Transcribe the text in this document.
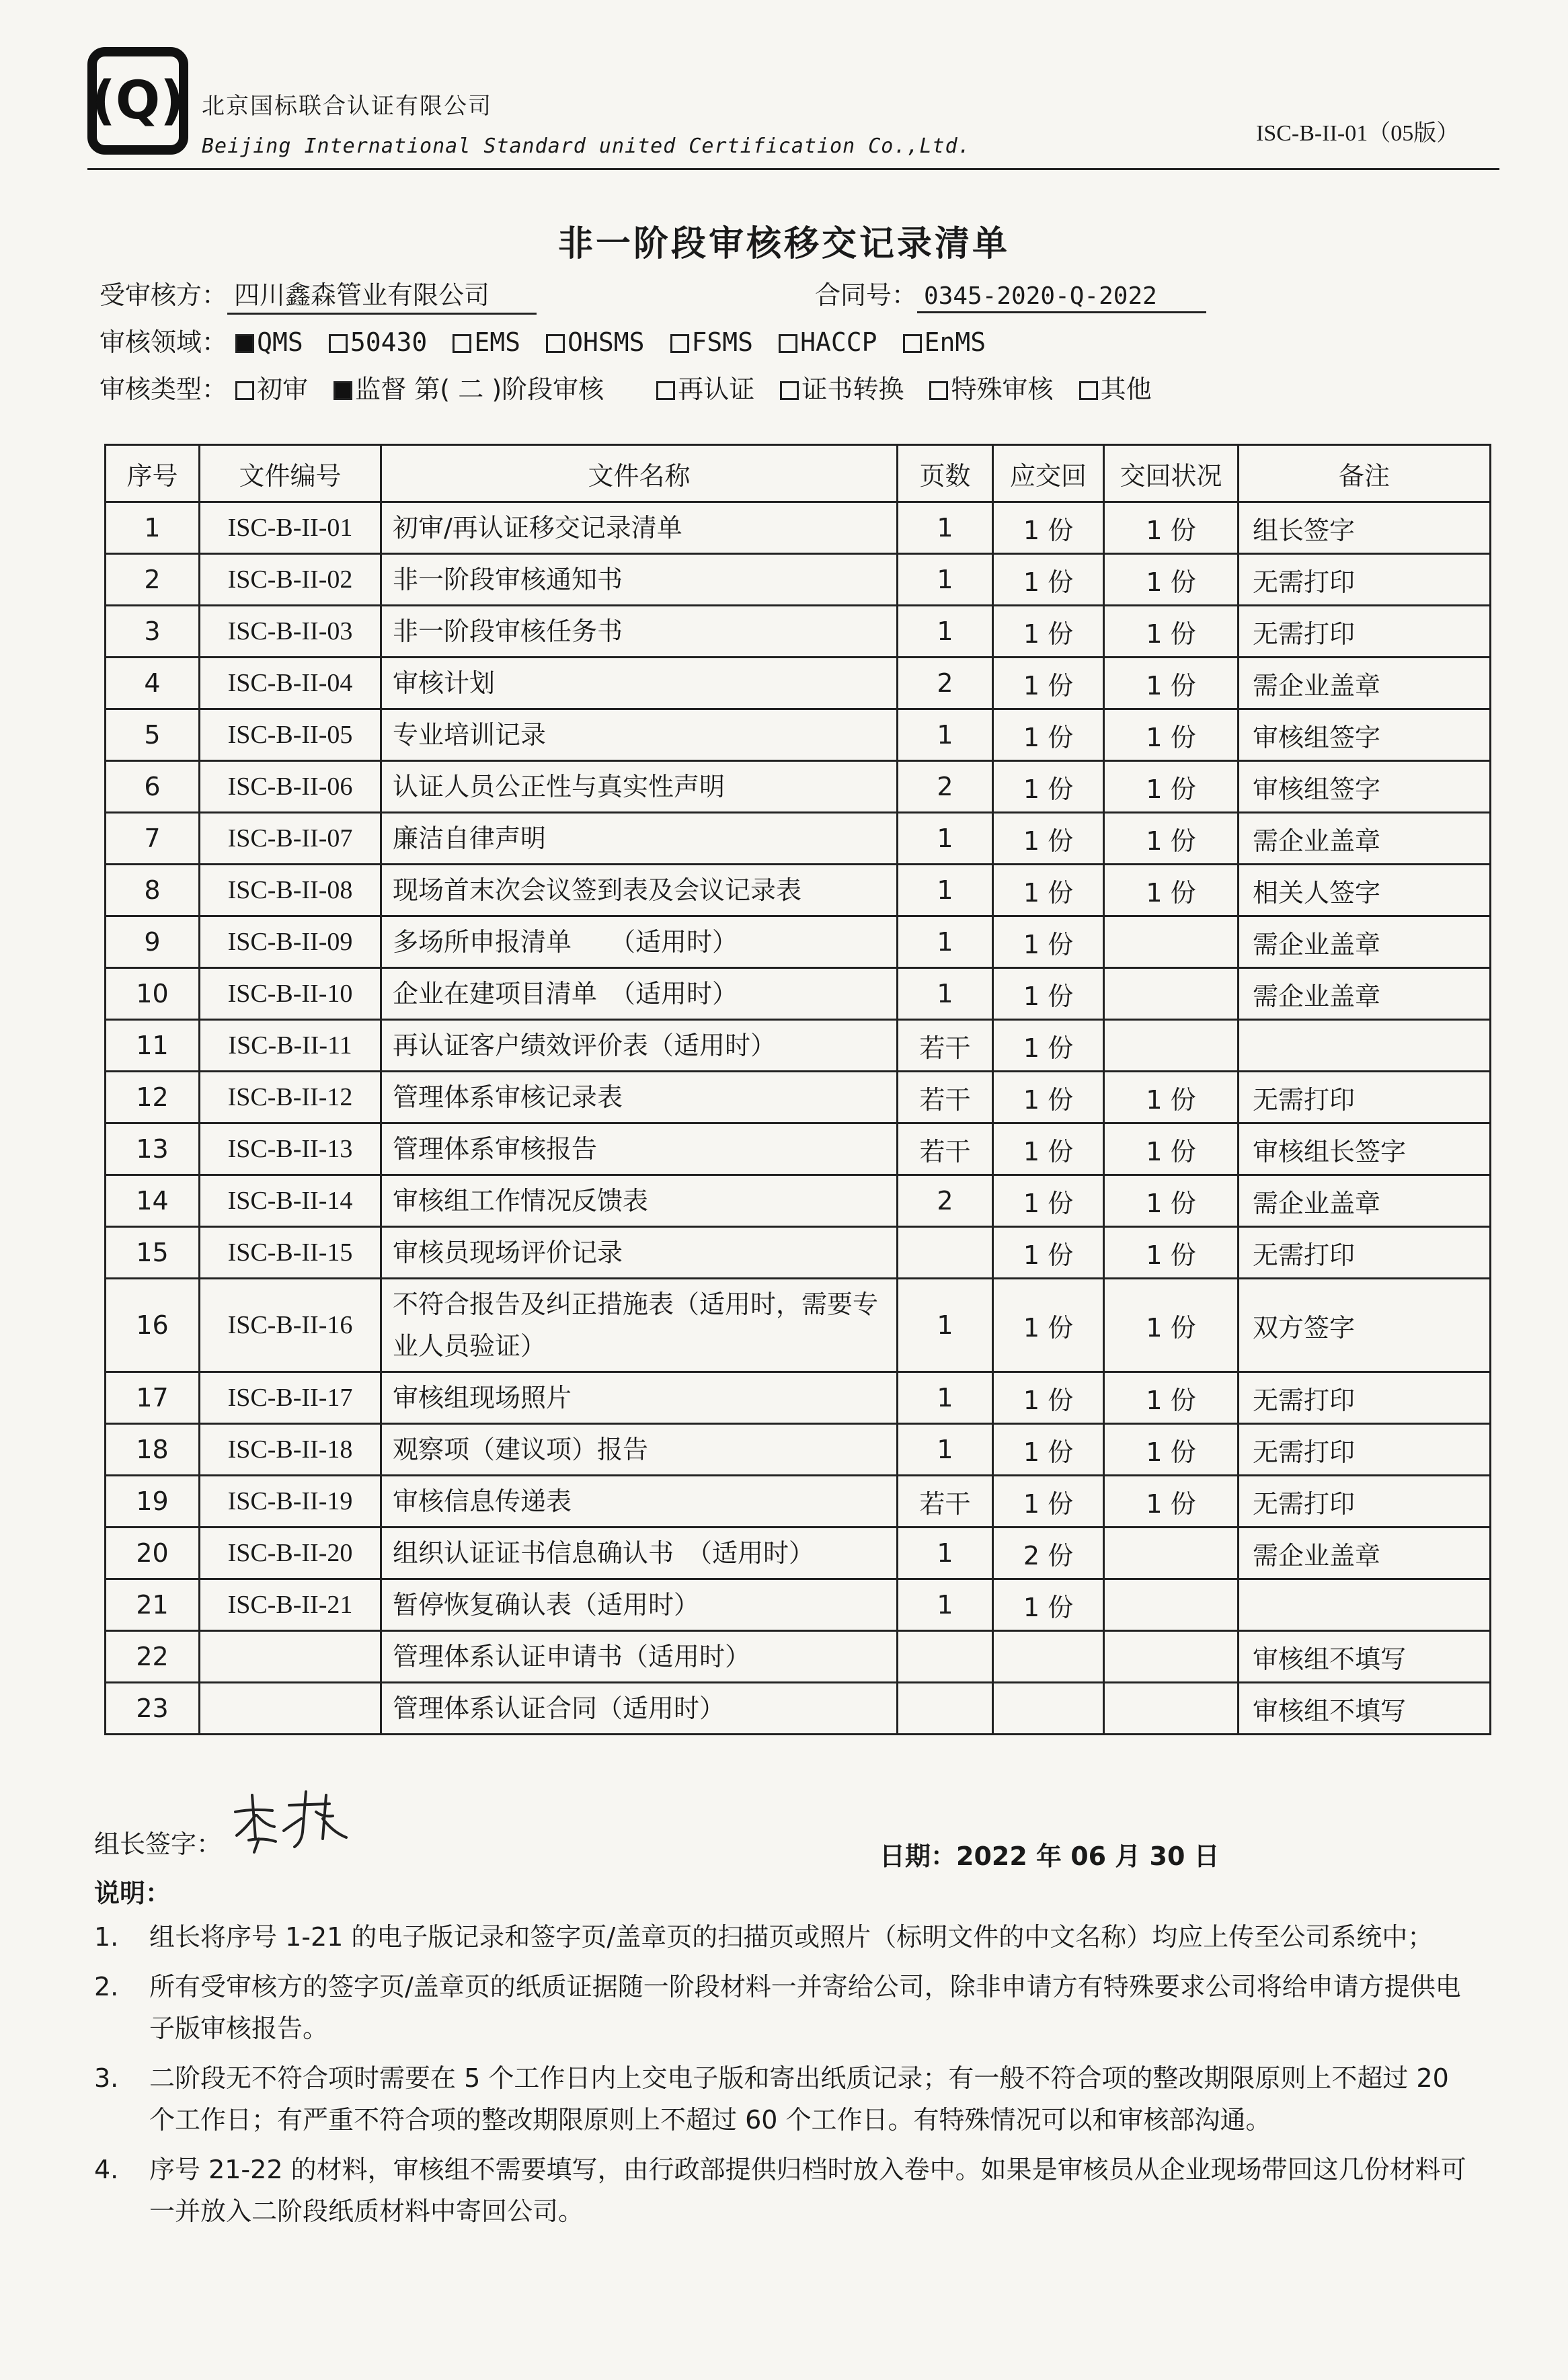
(Q) 北京国标联合认证有限公司
Beijing International Standard united Certification Co.,Ltd.
ISC-B-II-01（05版）
非一阶段审核移交记录清单
受审核方： 四川鑫森管业有限公司	合同号： 0345-2020-Q-2022
审核领域： QMS 50430 EMS OHSMS FSMS HACCP EnMS
审核类型： 初审 监督 第( 二 )阶段审核	再认证 证书转换 特殊审核 其他
序号	文件编号	文件名称	页数	应交回	交回状况	备注
1	ISC-B-II-01	初审/再认证移交记录清单	1	1 份	1 份	组长签字
2	ISC-B-II-02	非一阶段审核通知书	1	1 份	1 份	无需打印
3	ISC-B-II-03	非一阶段审核任务书	1	1 份	1 份	无需打印
4	ISC-B-II-04	审核计划	2	1 份	1 份	需企业盖章
5	ISC-B-II-05	专业培训记录	1	1 份	1 份	审核组签字
6	ISC-B-II-06	认证人员公正性与真实性声明	2	1 份	1 份	审核组签字
7	ISC-B-II-07	廉洁自律声明	1	1 份	1 份	需企业盖章
8	ISC-B-II-08	现场首末次会议签到表及会议记录表	1	1 份	1 份	相关人签字
9	ISC-B-II-09	多场所申报清单　　（适用时）	1	1 份		需企业盖章
10	ISC-B-II-10	企业在建项目清单　（适用时）	1	1 份		需企业盖章
11	ISC-B-II-11	再认证客户绩效评价表（适用时）	若干	1 份		
12	ISC-B-II-12	管理体系审核记录表	若干	1 份	1 份	无需打印
13	ISC-B-II-13	管理体系审核报告	若干	1 份	1 份	审核组长签字
14	ISC-B-II-14	审核组工作情况反馈表	2	1 份	1 份	需企业盖章
15	ISC-B-II-15	审核员现场评价记录		1 份	1 份	无需打印
16	ISC-B-II-16	不符合报告及纠正措施表（适用时，需要专业人员验证）	1	1 份	1 份	双方签字
17	ISC-B-II-17	审核组现场照片	1	1 份	1 份	无需打印
18	ISC-B-II-18	观察项（建议项）报告	1	1 份	1 份	无需打印
19	ISC-B-II-19	审核信息传递表	若干	1 份	1 份	无需打印
20	ISC-B-II-20	组织认证证书信息确认书　（适用时）	1	2 份		需企业盖章
21	ISC-B-II-21	暂停恢复确认表（适用时）	1	1 份		
22		管理体系认证申请书（适用时）				审核组不填写
23		管理体系认证合同（适用时）				审核组不填写
组长签字：	日期：2022 年 06 月 30 日
说明：
1.	组长将序号 1-21 的电子版记录和签字页/盖章页的扫描页或照片（标明文件的中文名称）均应上传至公司系统中；
2.	所有受审核方的签字页/盖章页的纸质证据随一阶段材料一并寄给公司，除非申请方有特殊要求公司将给申请方提供电子版审核报告。
3.	二阶段无不符合项时需要在 5 个工作日内上交电子版和寄出纸质记录；有一般不符合项的整改期限原则上不超过 20 个工作日；有严重不符合项的整改期限原则上不超过 60 个工作日。有特殊情况可以和审核部沟通。
4.	序号 21-22 的材料，审核组不需要填写，由行政部提供归档时放入卷中。如果是审核员从企业现场带回这几份材料可一并放入二阶段纸质材料中寄回公司。
